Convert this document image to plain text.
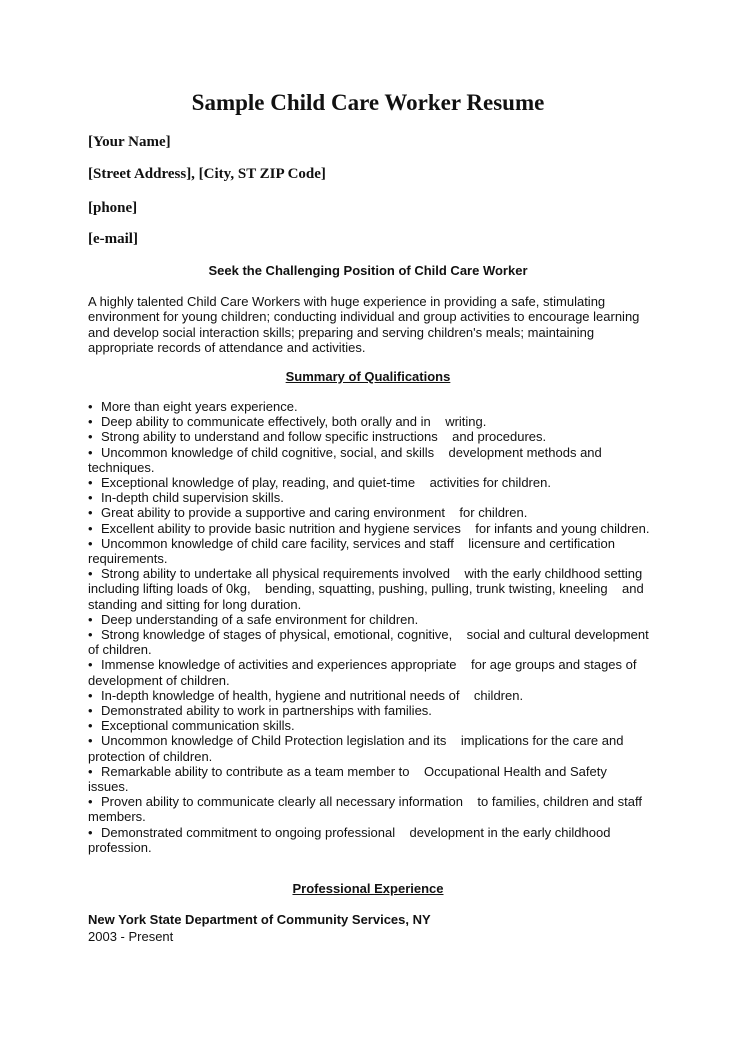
Sample Child Care Worker Resume
[Your Name]
[Street Address], [City, ST ZIP Code]
[phone]
[e-mail]
Seek the Challenging Position of Child Care Worker
A highly talented Child Care Workers with huge experience in providing a safe, stimulating environment for young children; conducting individual and group activities to encourage learning and develop social interaction skills; preparing and serving children's meals; maintaining appropriate records of attendance and activities.
Summary of Qualifications
• More than eight years experience.
• Deep ability to communicate effectively, both orally and in    writing.
• Strong ability to understand and follow specific instructions    and procedures.
• Uncommon knowledge of child cognitive, social, and skills    development methods and techniques.
• Exceptional knowledge of play, reading, and quiet-time    activities for children.
• In-depth child supervision skills.
• Great ability to provide a supportive and caring environment    for children.
• Excellent ability to provide basic nutrition and hygiene services    for infants and young children.
• Uncommon knowledge of child care facility, services and staff    licensure and certification requirements.
• Strong ability to undertake all physical requirements involved    with the early childhood setting including lifting loads of 0kg,    bending, squatting, pushing, pulling, trunk twisting, kneeling    and standing and sitting for long duration.
• Deep understanding of a safe environment for children.
• Strong knowledge of stages of physical, emotional, cognitive,    social and cultural development of children.
• Immense knowledge of activities and experiences appropriate    for age groups and stages of development of children.
• In-depth knowledge of health, hygiene and nutritional needs of    children.
• Demonstrated ability to work in partnerships with families.
• Exceptional communication skills.
• Uncommon knowledge of Child Protection legislation and its    implications for the care and protection of children.
• Remarkable ability to contribute as a team member to    Occupational Health and Safety issues.
• Proven ability to communicate clearly all necessary information    to families, children and staff members.
• Demonstrated commitment to ongoing professional    development in the early childhood profession.
Professional Experience
New York State Department of Community Services, NY
2003 - Present
